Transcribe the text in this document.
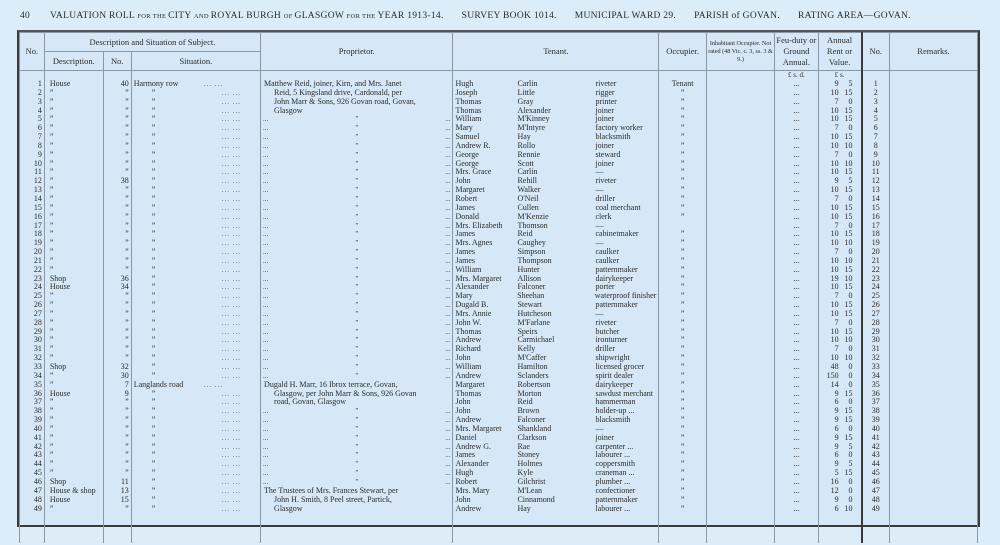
40	VALUATION ROLL FOR THE CITY AND ROYAL BURGH OF GLASGOW FOR THE YEAR 1913-14. SURVEY BOOK 1014. MUNICIPAL WARD 29. PARISH of GOVAN. RATING AREA—GOVAN.
No.	Description and Situation of Subject.			Proprietor.	Tenant.	Occupier.	Inhabitant Occupier. Not rated (48 Vic. c. 3, ss. 3 & 9.)	Feu-duty or Ground Annual.	Annual Rent or Value.	No.	Remarks.
	Description.	No.	Situation.								
								£ s. d.	£ s.		
1	House	40	Harmony row ... ...	Matthew Reid, joiner, Kirn, and Mrs. Janet
Reid, 5 Kingsland drive, Cardonald, per
John Marr & Sons, 926 Govan road, Govan,
Glasgow	Hugh Carlin riveter	Tenant		...	9 5	1	
2	”	”	” ... ...		Joseph Little rigger	”		...	10 15	2	
3	”	”	” ... ...		Thomas Gray printer	”		...	7 0	3	
4	”	”	” ... ...		Thomas Alexander joiner	”		...	10 15	4	
5	”	”	” ... ...	... ” ...	William M'Kinney joiner	”		...	10 15	5	
6	”	”	” ... ...	... ” ...	Mary M'Intyre factory worker	”		...	7 0	6	
7	”	”	” ... ...	... ” ...	Samuel Hay blacksmith	”		...	10 15	7	
8	”	”	” ... ...	... ” ...	Andrew R. Rollo joiner	”		...	10 10	8	
9	”	”	” ... ...	... ” ...	George Rennie steward	”		...	7 0	9	
10	”	”	” ... ...	... ” ...	George Scott joiner	”		...	10 10	10	
11	”	”	” ... ...	... ” ...	Mrs. Grace Carlin —	”		...	10 15	11	
12	”	38	” ... ...	... ” ...	John Rehill riveter	”		...	9 5	12	
13	”	”	” ... ...	... ” ...	Margaret Walker —	”		...	10 15	13	
14	”	”	” ... ...	... ” ...	Robert O'Neil driller	”		...	7 0	14	
15	”	”	” ... ...	... ” ...	James Cullen coal merchant	”		...	10 15	15	
16	”	”	” ... ...	... ” ...	Donald M'Kenzie clerk	”		...	10 15	16	
17	”	”	” ... ...	... ” ...	Mrs. Elizabeth Thomson —			...	7 0	17	
18	”	”	” ... ...	... ” ...	James Reid cabinetmaker	”		...	10 15	18	
19	”	”	” ... ...	... ” ...	Mrs. Agnes Caughey —	”		...	10 10	19	
20	”	”	” ... ...	... ” ...	James Simpson caulker	”		...	7 0	20	
21	”	”	” ... ...	... ” ...	James Thompson caulker	”		...	10 10	21	
22	”	”	” ... ...	... ” ...	William Hunter patternmaker	”		...	10 15	22	
23	Shop	36	” ... ...	... ” ...	Mrs. Margaret Allison dairykeeper	”		...	19 10	23	
24	House	34	” ... ...	... ” ...	Alexander Falconer porter	”		...	10 15	24	
25	”	”	” ... ...	... ” ...	Mary Sheehan waterproof finisher	”		...	7 0	25	
26	”	”	” ... ...	... ” ...	Dugald B. Stewart patternmaker	”		...	10 15	26	
27	”	”	” ... ...	... ” ...	Mrs. Annie Hutcheson —	”		...	10 15	27	
28	”	”	” ... ...	... ” ...	John W. M'Farlane riveter	”		...	7 0	28	
29	”	”	” ... ...	... ” ...	Thomas Speirs butcher	”		...	10 15	29	
30	”	”	” ... ...	... ” ...	Andrew Carmichael ironturner	”		...	10 10	30	
31	”	”	” ... ...	... ” ...	Richard Kelly driller	”		...	7 0	31	
32	”	”	” ... ...	... ” ...	John M'Caffer shipwright	”		...	10 10	32	
33	Shop	32	” ... ...	... ” ...	William Hamilton licensed grocer	”		...	48 0	33	
34	”	30	” ... ...	... ” ...	Andrew Sclanders spirit dealer	”		...	150 0	34	
35	”	7	Langlands road ... ...	Dugald H. Marr, 16 Ibrox terrace, Govan,
Glasgow, per John Marr & Sons, 926 Govan
road, Govan, Glasgow	Margaret Robertson dairykeeper	”		...	14 0	35	
36	House	9	” ... ...		Thomas Morton sawdust merchant	”		...	9 15	36	
37	”	”	” ... ...		John Reid hammerman	”		...	6 0	37	
38	”	”	” ... ...	... ” ...	John Brown holder-up ...	”		...	9 15	38	
39	”	”	” ... ...	... ” ...	Andrew Falconer blacksmith	”		...	9 15	39	
40	”	”	” ... ...	... ” ...	Mrs. Margaret Shankland —	”		...	6 0	40	
41	”	”	” ... ...	... ” ...	Daniel Clarkson joiner	”		...	9 15	41	
42	”	”	” ... ...	... ” ...	Andrew G. Rae carpenter ...	”		...	9 5	42	
43	”	”	” ... ...	... ” ...	James Stoney labourer ...	”		...	6 0	43	
44	”	”	” ... ...	... ” ...	Alexander Holmes coppersmith	”		...	9 5	44	
45	”	”	” ... ...	... ” ...	Hugh Kyle craneman ...	”		...	5 15	45	
46	Shop	11	” ... ...	... ” ...	Robert Gilchrist plumber ...	”		...	16 0	46	
47	House & shop	13	” ... ...	The Trustees of Mrs. Frances Stewart, per
John H. Smith, 8 Peel street, Partick,
Glasgow	Mrs. Mary M'Lean confectioner	”		...	12 0	47	
48	House	15	” ... ...		John Cinnamond patternmaker	”		...	9 0	48	
49	”	”	” ... ...		Andrew Hay labourer ...	”		...	6 10	49	
